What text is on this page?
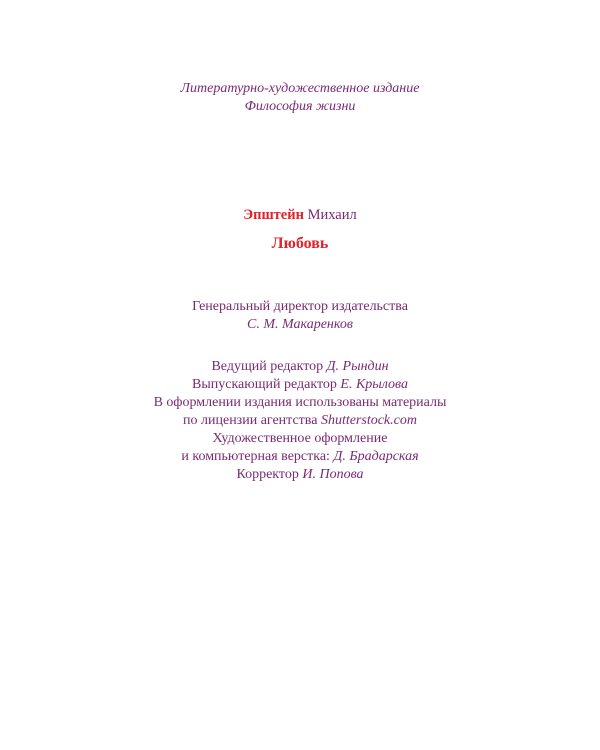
Литературно-художественное издание
Философия жизни
Эпштейн Михаил
Любовь
Генеральный директор издательства
С. М. Макаренков
Ведущий редактор Д. Рындин
Выпускающий редактор Е. Крылова
В оформлении издания использованы материалы
по лицензии агентства Shutterstock.com
Художественное оформление
и компьютерная верстка: Д. Брадарская
Корректор И. Попова
